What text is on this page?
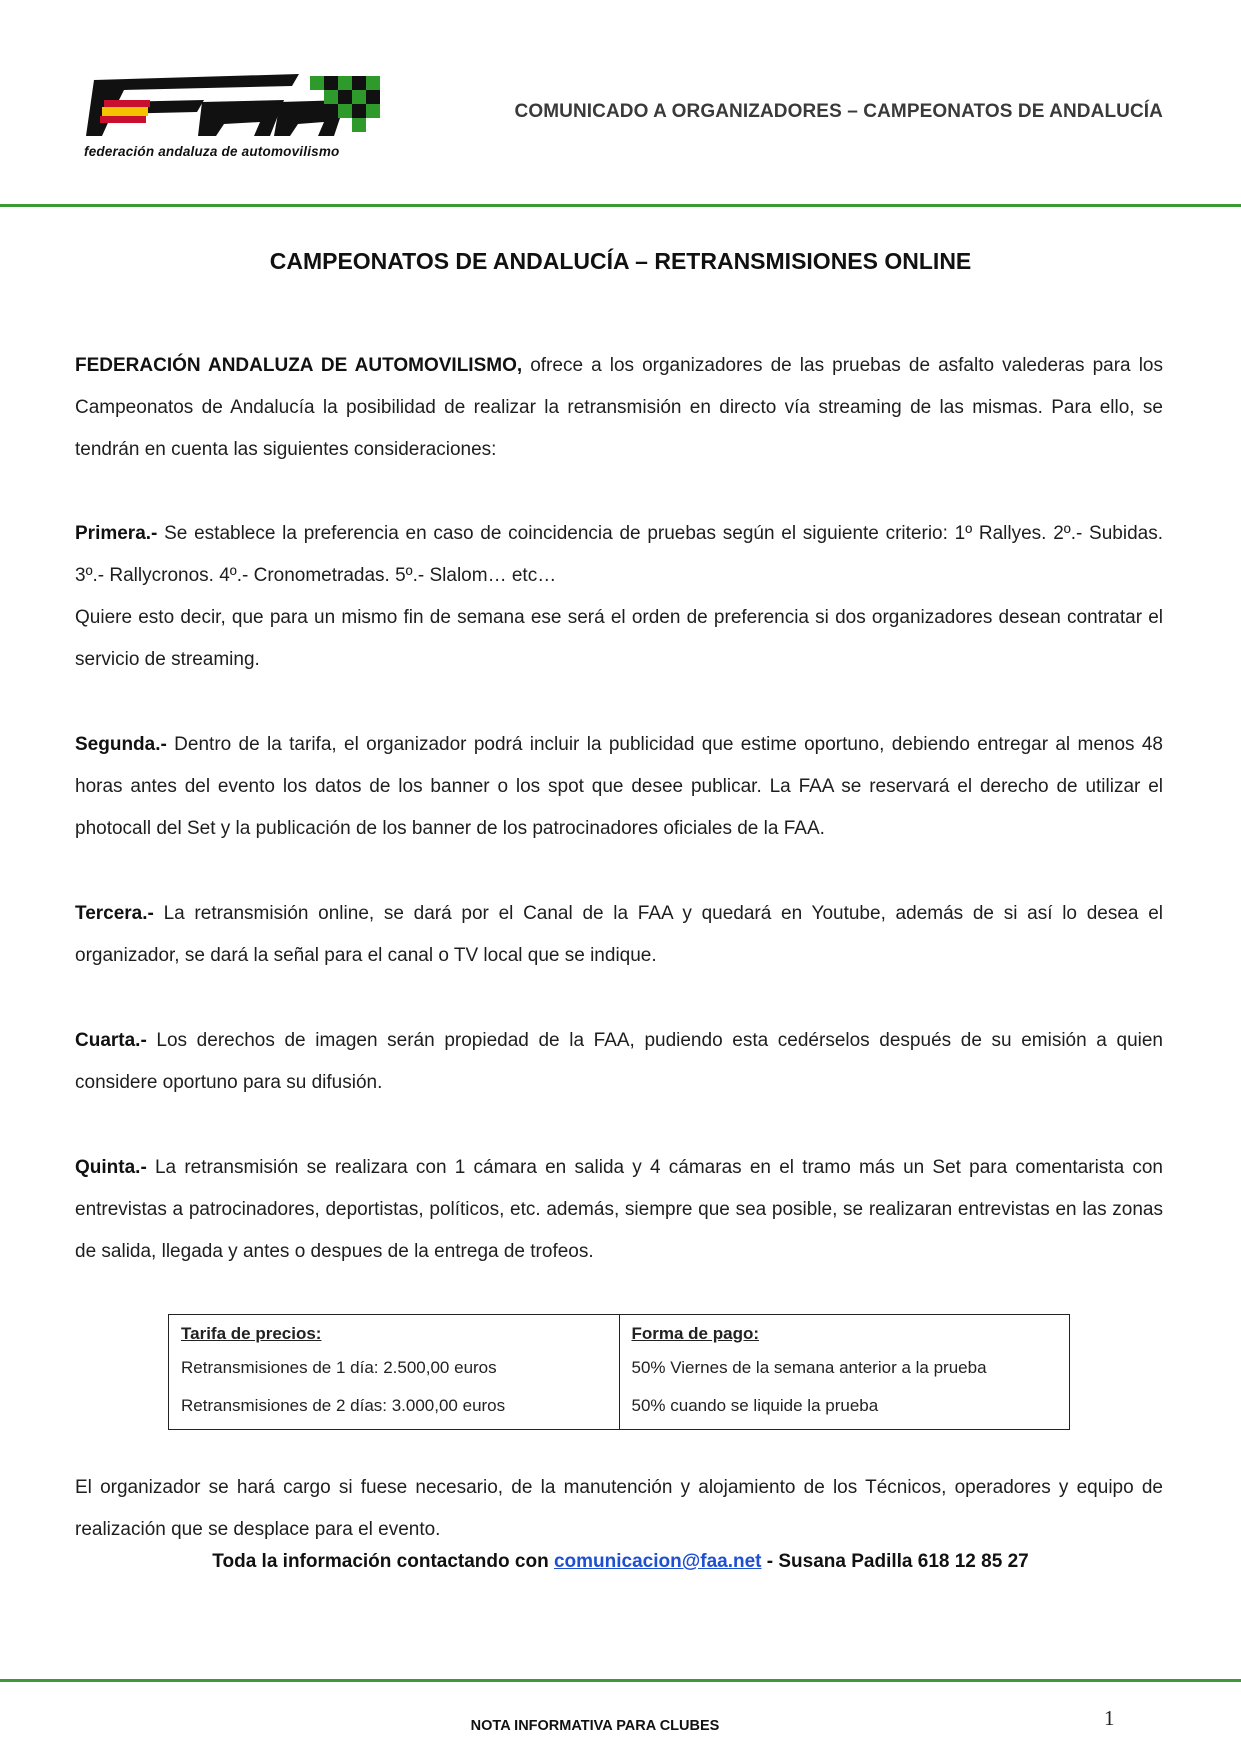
federación andaluza de automovilismo
COMUNICADO A ORGANIZADORES – CAMPEONATOS DE ANDALUCÍA
CAMPEONATOS DE ANDALUCÍA – RETRANSMISIONES ONLINE

FEDERACIÓN ANDALUZA DE AUTOMOVILISMO, ofrece a los organizadores de las pruebas de asfalto valederas para los Campeonatos de Andalucía la posibilidad de realizar la retransmisión en directo vía streaming de las mismas. Para ello, se tendrán en cuenta las siguientes consideraciones:

Primera.- Se establece la preferencia en caso de coincidencia de pruebas según el siguiente criterio: 1º Rallyes. 2º.- Subidas. 3º.- Rallycronos. 4º.- Cronometradas. 5º.- Slalom… etc…

Quiere esto decir, que para un mismo fin de semana ese será el orden de preferencia si dos organizadores desean contratar el servicio de streaming.

Segunda.- Dentro de la tarifa, el organizador podrá incluir la publicidad que estime oportuno, debiendo entregar al menos 48 horas antes del evento los datos de los banner o los spot que desee publicar. La FAA se reservará el derecho de utilizar el photocall del Set y la publicación de los banner de los patrocinadores oficiales de la FAA.

Tercera.- La retransmisión online, se dará por el Canal de la FAA y quedará en Youtube, además de si así lo desea el organizador, se dará la señal para el canal o TV local que se indique.

Cuarta.- Los derechos de imagen serán propiedad de la FAA, pudiendo esta cedérselos después de su emisión a quien considere oportuno para su difusión.

Quinta.- La retransmisión se realizara con 1 cámara en salida y 4 cámaras en el tramo más un Set para comentarista con entrevistas a patrocinadores, deportistas, políticos, etc. además, siempre que sea posible, se realizaran entrevistas en las zonas de salida, llegada y antes o despues de la entrega de trofeos.

Tarifa de precios:
Retransmisiones de 1 día: 2.500,00 euros
Retransmisiones de 2 días: 3.000,00 euros
Forma de pago:
50% Viernes de la semana anterior a la prueba
50% cuando se liquide la prueba
El organizador se hará cargo si fuese necesario, de la manutención y alojamiento de los Técnicos, operadores y equipo de realización que se desplace para el evento.
Toda la información contactando con comunicacion@faa.net - Susana Padilla 618 12 85 27
NOTA INFORMATIVA PARA CLUBES	1
